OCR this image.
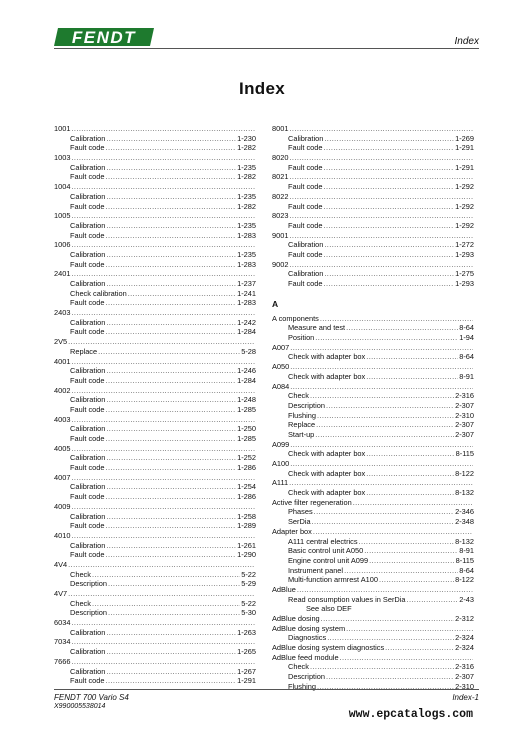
FENDT	Index
Index
1001
.....
Calibration .....	1-230
Fault code .....	1-282
1003
.....
Calibration .....	1-235
Fault code .....	1-282
1004
.....
Calibration .....	1-235
Fault code .....	1-282
1005
.....
Calibration .....	1-235
Fault code .....	1-283
1006
.....
Calibration .....	1-235
Fault code .....	1-283
2401
.....
Calibration .....	1-237
Check calibration .....	1-241
Fault code .....	1-283
2403
.....
Calibration .....	1-242
Fault code .....	1-284
2V5
.....
Replace .....	5-28
4001
.....
Calibration .....	1-246
Fault code .....	1-284
4002
.....
Calibration .....	1-248
Fault code .....	1-285
4003
.....
Calibration .....	1-250
Fault code .....	1-285
4005
.....
Calibration .....	1-252
Fault code .....	1-286
4007
.....
Calibration .....	1-254
Fault code .....	1-286
4009
.....
Calibration .....	1-258
Fault code .....	1-289
4010
.....
Calibration .....	1-261
Fault code .....	1-290
4V4
.....
Check .....	5-22
Description .....	5-29
4V7
.....
Check .....	5-22
Description .....	5-30
6034
.....
Calibration .....	1-263
7034
.....
Calibration .....	1-265
7666
.....
Calibration .....	1-267
Fault code .....	1-291
8001
.....
Calibration .....	1-269
Fault code .....	1-291
8020
.....
Fault code .....	1-291
8021
.....
Fault code .....	1-292
8022
.....
Fault code .....	1-292
8023
.....
Fault code .....	1-292
9001
.....
Calibration .....	1-272
Fault code .....	1-293
9002
.....
Calibration .....	1-275
Fault code .....	1-293
A
A components
.....
Measure and test .....	8-64
Position .....	1-94
A007
.....
Check with adapter box .....	8-64
A050
.....
Check with adapter box .....	8-91
A084
.....
Check .....	2-316
Description .....	2-307
Flushing .....	2-310
Replace .....	2-307
Start-up .....	2-307
A099
.....
Check with adapter box .....	8-115
A100
.....
Check with adapter box .....	8-122
A111
.....
Check with adapter box .....	8-132
Active filter regeneration
.....
Phases .....	2-346
SerDia .....	2-348
Adapter box
.....
A111 central electrics .....	8-132
Basic control unit A050 .....	8-91
Engine control unit A099 .....	8-115
Instrument panel .....	8-64
Multi-function armrest A100 .....	8-122
AdBlue
.....
Read consumption values in SerDia .....	2-43
See also DEF
AdBlue dosing .....	2-312
AdBlue dosing system
.....
Diagnostics .....	2-324
AdBlue dosing system diagnostics .....	2-324
AdBlue feed module
.....
Check .....	2-316
Description .....	2-307
Flushing .....	2-310
FENDT 700 Vario S4
X990005538014
Index-1
www.epcatalogs.com
